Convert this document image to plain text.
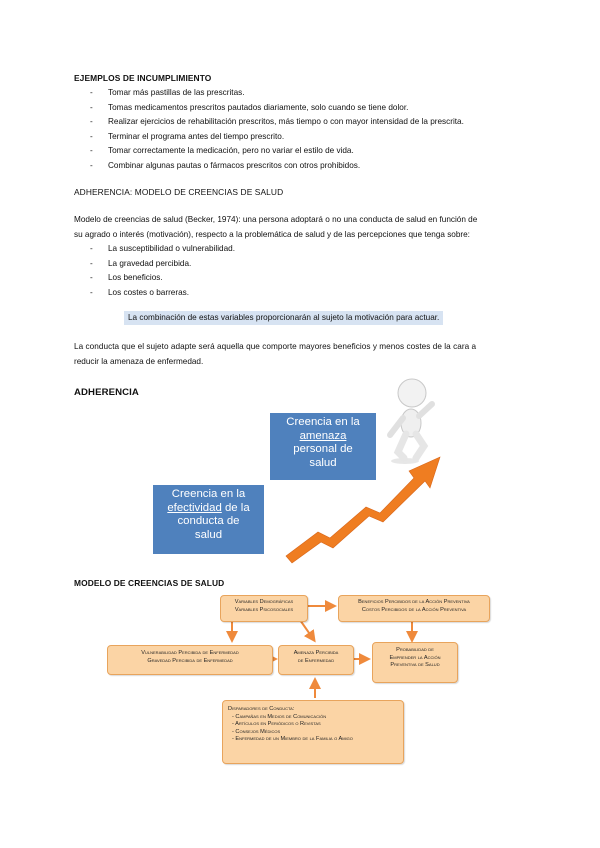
EJEMPLOS DE INCUMPLIMIENTO
- Tomar más pastillas de las prescritas.
- Tomas medicamentos prescritos pautados diariamente, solo cuando se tiene dolor.
- Realizar ejercicios de rehabilitación prescritos, más tiempo o con mayor intensidad de la prescrita.
- Terminar el programa antes del tiempo prescrito.
- Tomar correctamente la medicación, pero no variar el estilo de vida.
- Combinar algunas pautas o fármacos prescritos con otros prohibidos.
ADHERENCIA: MODELO DE CREENCIAS DE SALUD
Modelo de creencias de salud (Becker, 1974): una persona adoptará o no una conducta de salud en función de
su agrado o interés (motivación), respecto a la problemática de salud y de las percepciones que tenga sobre:
- La susceptibilidad o vulnerabilidad.
- La gravedad percibida.
- Los beneficios.
- Los costes o barreras.
La combinación de estas variables proporcionarán al sujeto la motivación para actuar.
La conducta que el sujeto adapte será aquella que comporte mayores beneficios y menos costes de la cara a
reducir la amenaza de enfermedad.
ADHERENCIA
Creencia en la
amenaza
personal de
salud
Creencia en la
efectividad de la
conducta de
salud
MODELO DE CREENCIAS DE SALUD
Variables Demográficas
Variables Psicosociales
Beneficios Percibidos de la Acción Preventiva
Costos Percibidos de la Acción Preventiva
Vulnerabilidad Percibida de Enfermedad
Gravedad Percibida de Enfermedad
Amenaza Percibida
de Enfermedad
Probabilidad de
Emprender la Acción
Preventiva de Salud
Disparadores de Conducta:
- Campañas en Medios de Comunicación
- Artículos en Periódicos o Revistas
- Consejos Médicos
- Enfermedad de un Miembro de la Familia o Amigo
